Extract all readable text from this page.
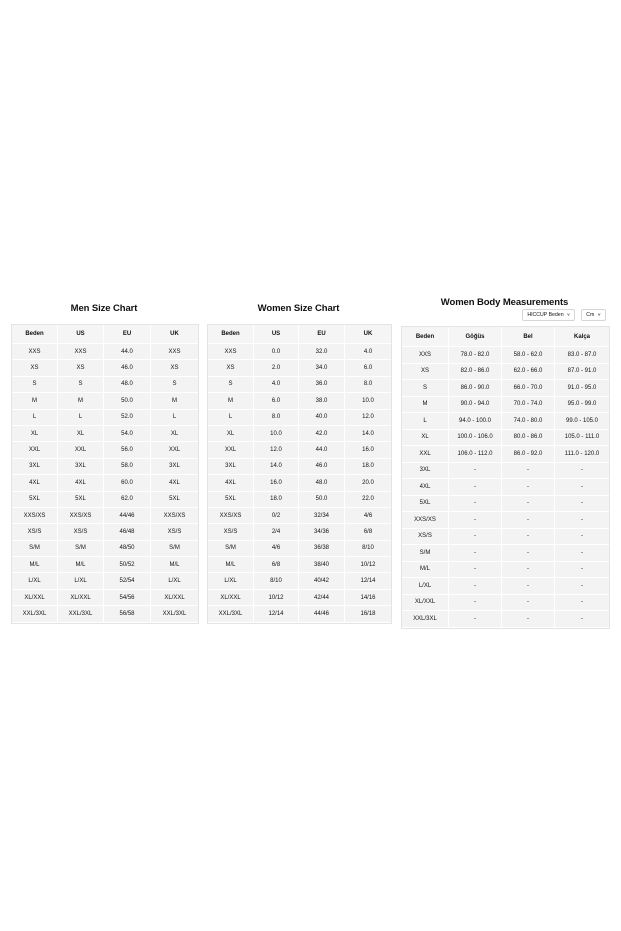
Men Size Chart
Beden	US	EU	UK
XXS	XXS	44.0	XXS
XS	XS	46.0	XS
S	S	48.0	S
M	M	50.0	M
L	L	52.0	L
XL	XL	54.0	XL
XXL	XXL	56.0	XXL
3XL	3XL	58.0	3XL
4XL	4XL	60.0	4XL
5XL	5XL	62.0	5XL
XXS/XS	XXS/XS	44/46	XXS/XS
XS/S	XS/S	46/48	XS/S
S/M	S/M	48/50	S/M
M/L	M/L	50/52	M/L
L/XL	L/XL	52/54	L/XL
XL/XXL	XL/XXL	54/56	XL/XXL
XXL/3XL	XXL/3XL	56/58	XXL/3XL
Women Size Chart
Beden	US	EU	UK
XXS	0.0	32.0	4.0
XS	2.0	34.0	6.0
S	4.0	36.0	8.0
M	6.0	38.0	10.0
L	8.0	40.0	12.0
XL	10.0	42.0	14.0
XXL	12.0	44.0	16.0
3XL	14.0	46.0	18.0
4XL	16.0	48.0	20.0
5XL	18.0	50.0	22.0
XXS/XS	0/2	32/34	4/6
XS/S	2/4	34/36	6/8
S/M	4/6	36/38	8/10
M/L	6/8	38/40	10/12
L/XL	8/10	40/42	12/14
XL/XXL	10/12	42/44	14/16
XXL/3XL	12/14	44/46	16/18
Women Body Measurements
HICCUP Beden ∨	Cm ∨
Beden	Göğüs	Bel	Kalça
XXS	78.0 - 82.0	58.0 - 62.0	83.0 - 87.0
XS	82.0 - 86.0	62.0 - 66.0	87.0 - 91.0
S	86.0 - 90.0	66.0 - 70.0	91.0 - 95.0
M	90.0 - 94.0	70.0 - 74.0	95.0 - 99.0
L	94.0 - 100.0	74.0 - 80.0	99.0 - 105.0
XL	100.0 - 106.0	80.0 - 86.0	105.0 - 111.0
XXL	106.0 - 112.0	86.0 - 92.0	111.0 - 120.0
3XL	-	-	-
4XL	-	-	-
5XL	-	-	-
XXS/XS	-	-	-
XS/S	-	-	-
S/M	-	-	-
M/L	-	-	-
L/XL	-	-	-
XL/XXL	-	-	-
XXL/3XL	-	-	-
